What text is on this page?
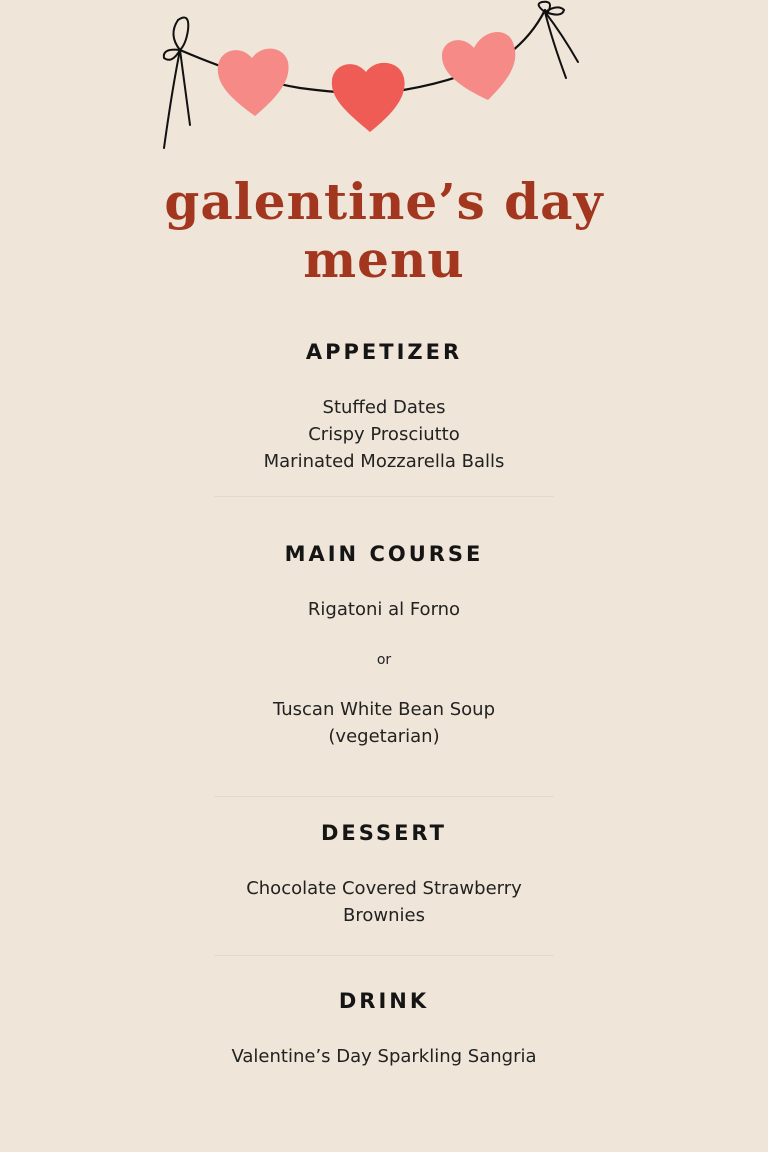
galentine’s day
menu
APPETIZER

Stuffed Dates

Crispy Prosciutto

Marinated Mozzarella Balls

MAIN COURSE

Rigatoni al Forno

or

Tuscan White Bean Soup

(vegetarian)

DESSERT

Chocolate Covered Strawberry

Brownies

DRINK

Valentine’s Day Sparkling Sangria
